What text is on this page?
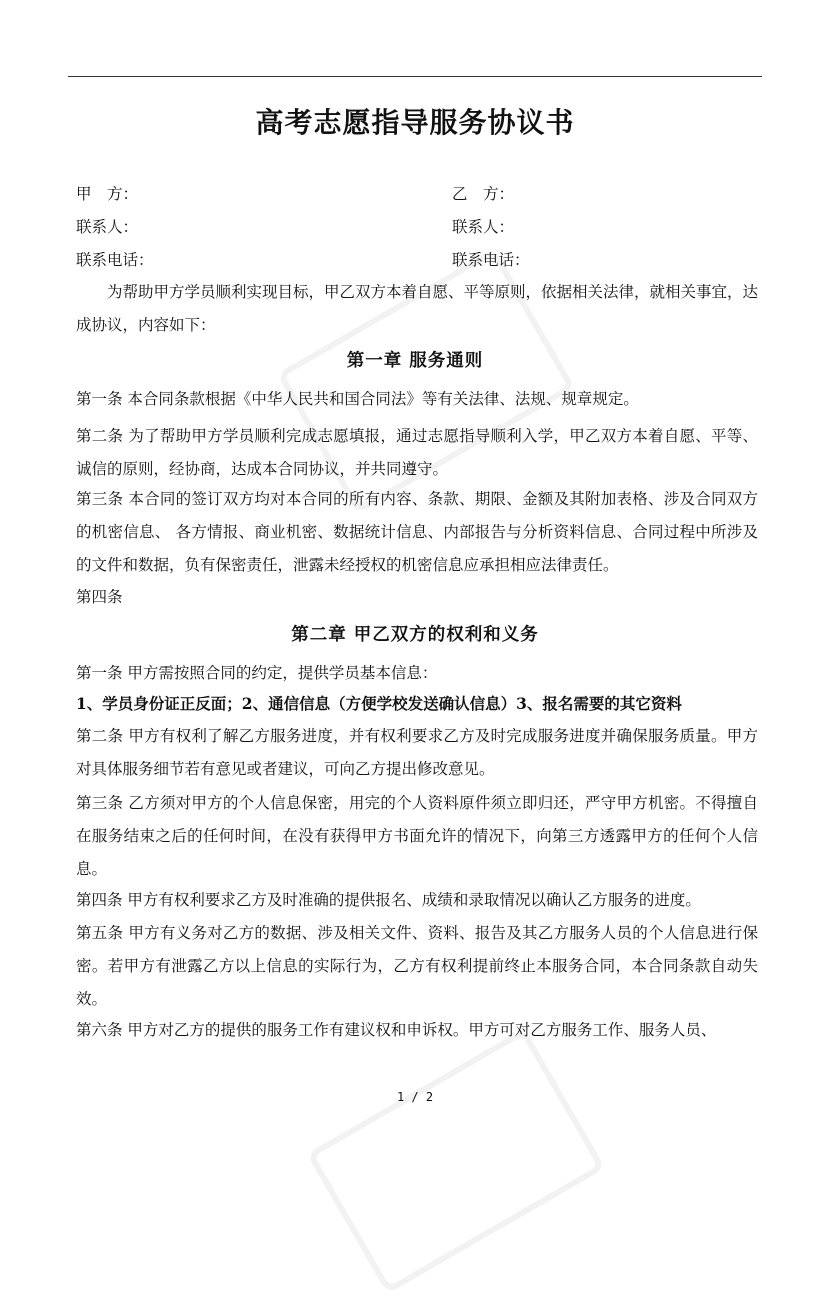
高考志愿指导服务协议书
甲　方：	乙　方：
联系人：	联系人：
联系电话：	联系电话：
为帮助甲方学员顺利实现目标，甲乙双方本着自愿、平等原则，依据相关法律，就相关事宜，达成协议，内容如下：
第一章 服务通则
第一条 本合同条款根据《中华人民共和国合同法》等有关法律、法规、规章规定。
第二条 为了帮助甲方学员顺利完成志愿填报，通过志愿指导顺利入学，甲乙双方本着自愿、平等、诚信的原则，经协商，达成本合同协议，并共同遵守。
第三条 本合同的签订双方均对本合同的所有内容、条款、期限、金额及其附加表格、涉及合同双方的机密信息、 各方情报、商业机密、数据统计信息、内部报告与分析资料信息、合同过程中所涉及的文件和数据，负有保密责任，泄露未经授权的机密信息应承担相应法律责任。
第四条
第二章 甲乙双方的权利和义务
第一条 甲方需按照合同的约定，提供学员基本信息：
1、学员身份证正反面；2、通信信息（方便学校发送确认信息）3、报名需要的其它资料
第二条 甲方有权利了解乙方服务进度，并有权利要求乙方及时完成服务进度并确保服务质量。甲方对具体服务细节若有意见或者建议，可向乙方提出修改意见。
第三条 乙方须对甲方的个人信息保密，用完的个人资料原件须立即归还，严守甲方机密。不得擅自在服务结束之后的任何时间，在没有获得甲方书面允许的情况下，向第三方透露甲方的任何个人信息。
第四条 甲方有权利要求乙方及时准确的提供报名、成绩和录取情况以确认乙方服务的进度。
第五条 甲方有义务对乙方的数据、涉及相关文件、资料、报告及其乙方服务人员的个人信息进行保密。若甲方有泄露乙方以上信息的实际行为，乙方有权利提前终止本服务合同，本合同条款自动失效。
第六条 甲方对乙方的提供的服务工作有建议权和申诉权。甲方可对乙方服务工作、服务人员、
1 / 2
